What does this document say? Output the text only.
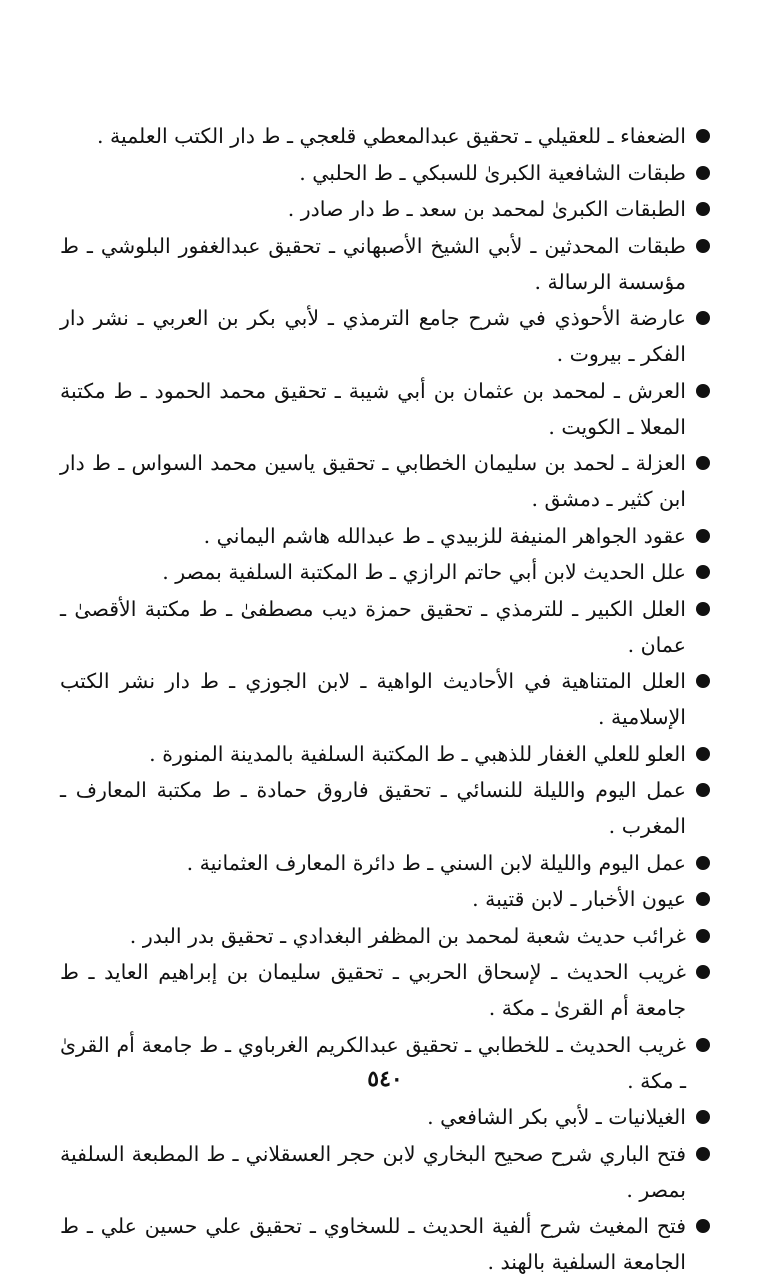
الضعفاء ـ للعقيلي ـ تحقيق عبدالمعطي قلعجي ـ ط دار الكتب العلمية .
طبقات الشافعية الكبرىٰ للسبكي ـ ط الحلبي .
الطبقات الكبرىٰ لمحمد بن سعد ـ ط دار صادر .
طبقات المحدثين ـ لأبي الشيخ الأصبهاني ـ تحقيق عبدالغفور البلوشي ـ ط مؤسسة الرسالة .
عارضة الأحوذي في شرح جامع الترمذي ـ لأبي بكر بن العربي ـ نشر دار الفكر ـ بيروت .
العرش ـ لمحمد بن عثمان بن أبي شيبة ـ تحقيق محمد الحمود ـ ط مكتبة المعلا ـ الكويت .
العزلة ـ لحمد بن سليمان الخطابي ـ تحقيق ياسين محمد السواس ـ ط دار ابن كثير ـ دمشق .
عقود الجواهر المنيفة للزبيدي ـ ط عبدالله هاشم اليماني .
علل الحديث لابن أبي حاتم الرازي ـ ط المكتبة السلفية بمصر .
العلل الكبير ـ للترمذي ـ تحقيق حمزة ديب مصطفىٰ ـ ط مكتبة الأقصىٰ ـ عمان .
العلل المتناهية في الأحاديث الواهية ـ لابن الجوزي ـ ط دار نشر الكتب الإسلامية .
العلو للعلي الغفار للذهبي ـ ط المكتبة السلفية بالمدينة المنورة .
عمل اليوم والليلة للنسائي ـ تحقيق فاروق حمادة ـ ط مكتبة المعارف ـ المغرب .
عمل اليوم والليلة لابن السني ـ ط دائرة المعارف العثمانية .
عيون الأخبار ـ لابن قتيبة .
غرائب حديث شعبة لمحمد بن المظفر البغدادي ـ تحقيق بدر البدر .
غريب الحديث ـ لإسحاق الحربي ـ تحقيق سليمان بن إبراهيم العايد ـ ط جامعة أم القرىٰ ـ مكة .
غريب الحديث ـ للخطابي ـ تحقيق عبدالكريم الغرباوي ـ ط جامعة أم القرىٰ ـ مكة .
الغيلانيات ـ لأبي بكر الشافعي .
فتح الباري شرح صحيح البخاري لابن حجر العسقلاني ـ ط المطبعة السلفية بمصر .
فتح المغيث شرح ألفية الحديث ـ للسخاوي ـ تحقيق علي حسين علي ـ ط الجامعة السلفية بالهند .
٥٤٠
